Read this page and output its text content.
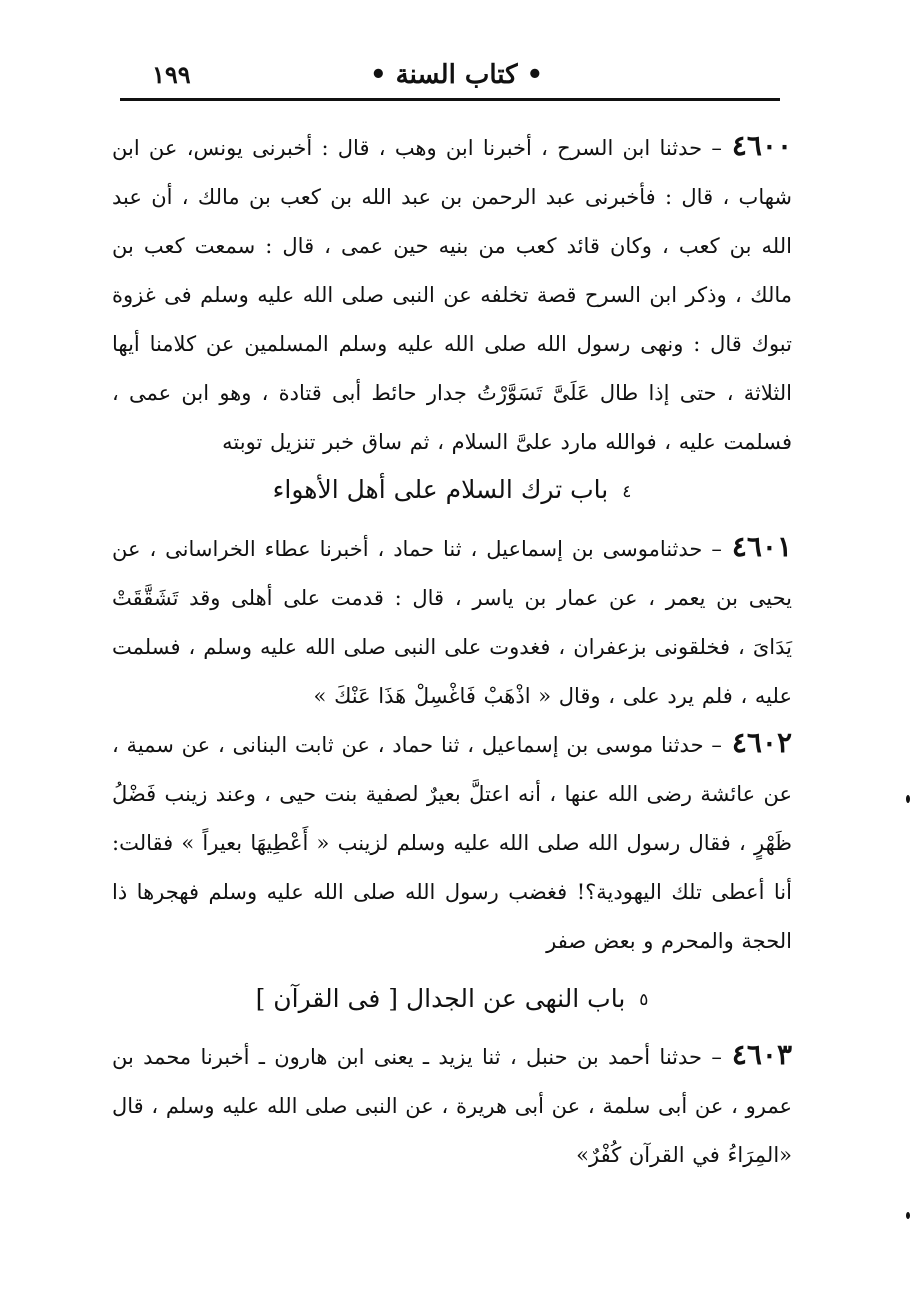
١٩٩	• كتاب السنة •

٤٦٠٠– حدثنا ابن السرح ، أخبرنا ابن وهب ، قال : أخبرنى يونس، عن ابن شهاب ، قال : فأخبرنى عبد الرحمن بن عبد الله بن كعب بن مالك ، أن عبد الله بن كعب ، وكان قائد كعب من بنيه حين عمى ، قال : سمعت كعب بن مالك ، وذكر ابن السرح قصة تخلفه عن النبى صلى الله عليه وسلم فى غزوة تبوك قال : ونهى رسول الله صلى الله عليه وسلم المسلمين عن كلامنا أيها الثلاثة ، حتى إذا طال عَلَىَّ تَسَوَّرْتُ جدار حائط أبى قتادة ، وهو ابن عمى ، فسلمت عليه ، فوالله مارد علىَّ السلام ، ثم ساق خبر تنزيل توبته

٤ باب ترك السلام على أهل الأهواء

٤٦٠١– حدثناموسى بن إسماعيل ، ثنا حماد ، أخبرنا عطاء الخراسانى ، عن يحيى بن يعمر ، عن عمار بن ياسر ، قال : قدمت على أهلى وقد تَشَقَّقَتْ يَدَاىَ ، فخلقونى بزعفران ، فغدوت على النبى صلى الله عليه وسلم ، فسلمت عليه ، فلم يرد على ، وقال « اذْهَبْ فَاغْسِلْ هَذَا عَنْكَ »

٤٦٠٢– حدثنا موسى بن إسماعيل ، ثنا حماد ، عن ثابت البنانى ، عن سمية ، عن عائشة رضى الله عنها ، أنه اعتلَّ بعيرٌ لصفية بنت حيى ، وعند زينب فَضْلُ ظَهْرٍ ، فقال رسول الله صلى الله عليه وسلم لزينب « أَعْطِيهَا بعيراً » فقالت: أنا أعطى تلك اليهودية؟! فغضب رسول الله صلى الله عليه وسلم فهجرها ذا الحجة والمحرم و بعض صفر

٥ باب النهى عن الجدال [ فى القرآن ]

٤٦٠٣– حدثنا أحمد بن حنبل ، ثنا يزيد ـ يعنى ابن هارون ـ أخبرنا محمد بن عمرو ، عن أبى سلمة ، عن أبى هريرة ، عن النبى صلى الله عليه وسلم ، قال «المِرَاءُ في القرآن كُفْرٌ»
